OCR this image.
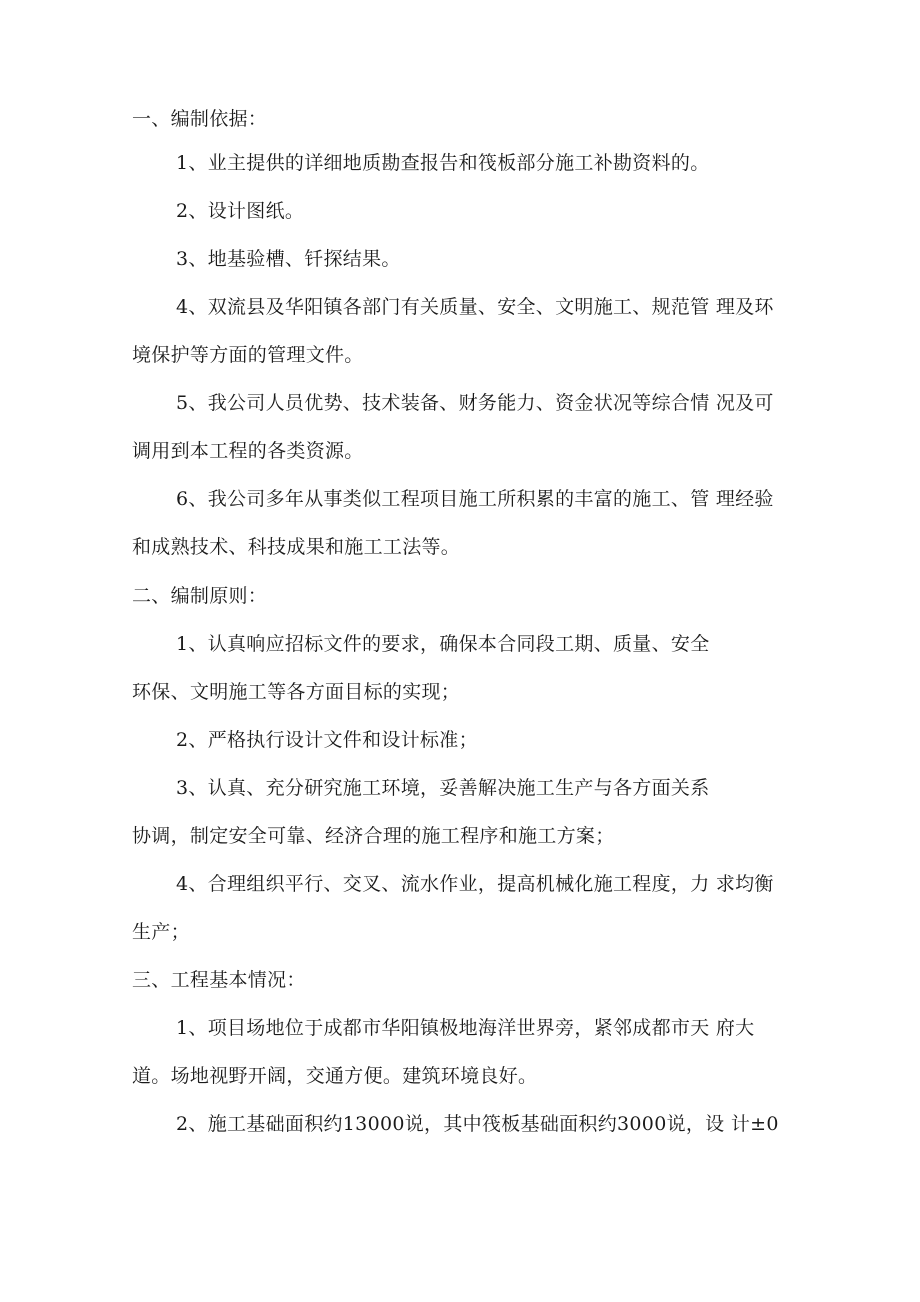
一、编制依据：
1、业主提供的详细地质勘查报告和筏板部分施工补勘资料的。
2、设计图纸。
3、地基验槽、钎探结果。
4、双流县及华阳镇各部门有关质量、安全、文明施工、规范管 理及环
境保护等方面的管理文件。
5、我公司人员优势、技术装备、财务能力、资金状况等综合情 况及可
调用到本工程的各类资源。
6、我公司多年从事类似工程项目施工所积累的丰富的施工、管 理经验
和成熟技术、科技成果和施工工法等。
二、编制原则：
1、认真响应招标文件的要求，确保本合同段工期、质量、安全
环保、文明施工等各方面目标的实现；
2、严格执行设计文件和设计标准；
3、认真、充分研究施工环境，妥善解决施工生产与各方面关系
协调，制定安全可靠、经济合理的施工程序和施工方案；
4、合理组织平行、交叉、流水作业，提高机械化施工程度，力 求均衡
生产；
三、工程基本情况：
1、项目场地位于成都市华阳镇极地海洋世界旁，紧邻成都市天 府大
道。场地视野开阔，交通方便。建筑环境良好。
2、施工基础面积约13000说，其中筏板基础面积约3000说，设 计±0
